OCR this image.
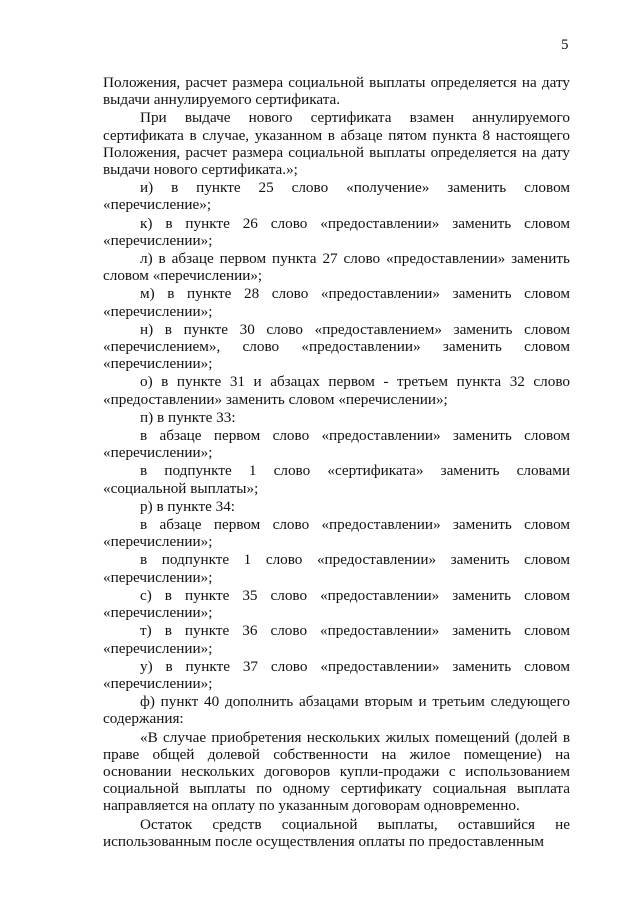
5

Положения, расчет размера социальной выплаты определяется на дату выдачи аннулируемого сертификата.

При выдаче нового сертификата взамен аннулируемого сертификата в случае, указанном в абзаце пятом пункта 8 настоящего Положения, расчет размера социальной выплаты определяется на дату выдачи нового сертификата.»;

и) в пункте 25 слово «получение» заменить словом «перечисление»;

к) в пункте 26 слово «предоставлении» заменить словом «перечислении»;

л) в абзаце первом пункта 27 слово «предоставлении» заменить словом «перечислении»;

м) в пункте 28 слово «предоставлении» заменить словом «перечислении»;

н) в пункте 30 слово «предоставлением» заменить словом «перечислением», слово «предоставлении» заменить словом «перечислении»;

о) в пункте 31 и абзацах первом - третьем пункта 32 слово «предоставлении» заменить словом «перечислении»;

п) в пункте 33:

в абзаце первом слово «предоставлении» заменить словом «перечислении»;

в подпункте 1 слово «сертификата» заменить словами «социальной выплаты»;

р) в пункте 34:

в абзаце первом слово «предоставлении» заменить словом «перечислении»;

в подпункте 1 слово «предоставлении» заменить словом «перечислении»;

с) в пункте 35 слово «предоставлении» заменить словом «перечислении»;

т) в пункте 36 слово «предоставлении» заменить словом «перечислении»;

у) в пункте 37 слово «предоставлении» заменить словом «перечислении»;

ф) пункт 40 дополнить абзацами вторым и третьим следующего содержания:

«В случае приобретения нескольких жилых помещений (долей в праве общей долевой собственности на жилое помещение) на основании нескольких договоров купли-продажи с использованием социальной выплаты по одному сертификату социальная выплата направляется на оплату по указанным договорам одновременно.

Остаток средств социальной выплаты, оставшийся не использованным после осуществления оплаты по предоставленным
